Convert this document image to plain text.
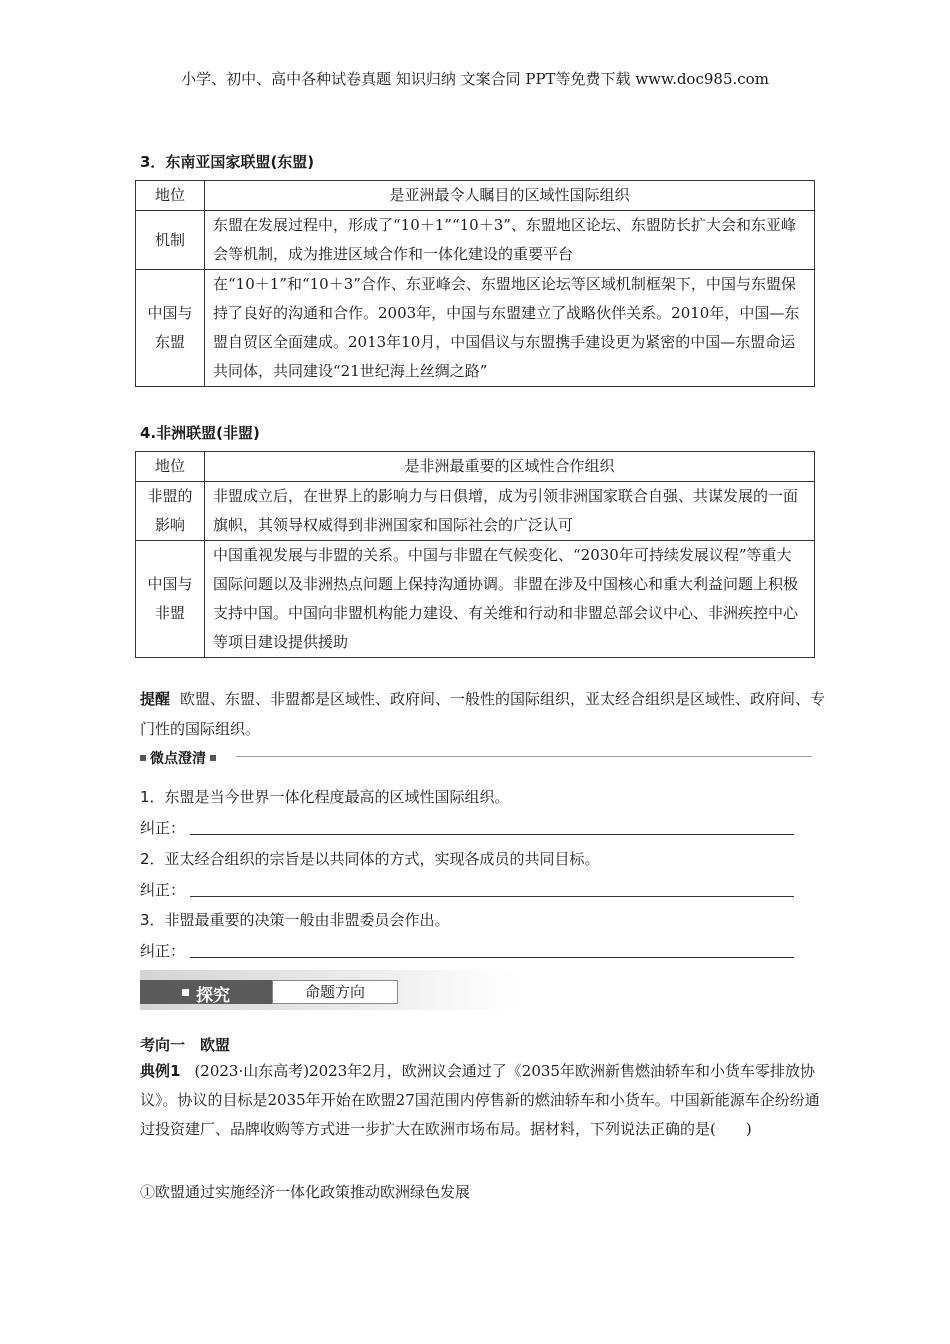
小学、初中、高中各种试卷真题 知识归纳 文案合同 PPT等免费下载 www.doc985.com
3．东南亚国家联盟(东盟)
地位	是亚洲最令人瞩目的区域性国际组织
机制	东盟在发展过程中，形成了“10＋1”“10＋3”、东盟地区论坛、东盟防长扩大会和东亚峰会等机制，成为推进区域合作和一体化建设的重要平台
中国与东盟	在“10＋1”和“10＋3”合作、东亚峰会、东盟地区论坛等区域机制框架下，中国与东盟保持了良好的沟通和合作。2003年，中国与东盟建立了战略伙伴关系。2010年，中国—东盟自贸区全面建成。2013年10月，中国倡议与东盟携手建设更为紧密的中国—东盟命运共同体，共同建设“21世纪海上丝绸之路”
4.非洲联盟(非盟)
地位	是非洲最重要的区域性合作组织
非盟的影响	非盟成立后，在世界上的影响力与日俱增，成为引领非洲国家联合自强、共谋发展的一面旗帜，其领导权威得到非洲国家和国际社会的广泛认可
中国与非盟	中国重视发展与非盟的关系。中国与非盟在气候变化、“2030年可持续发展议程”等重大国际问题以及非洲热点问题上保持沟通协调。非盟在涉及中国核心和重大利益问题上积极支持中国。中国向非盟机构能力建设、有关维和行动和非盟总部会议中心、非洲疾控中心等项目建设提供援助
提醒 欧盟、东盟、非盟都是区域性、政府间、一般性的国际组织，亚太经合组织是区域性、政府间、专门性的国际组织。
微点澄清
1．东盟是当今世界一体化程度最高的区域性国际组织。
纠正：
2．亚太经合组织的宗旨是以共同体的方式，实现各成员的共同目标。
纠正：
3．非盟最重要的决策一般由非盟委员会作出。
纠正：
探究	命题方向
考向一　欧盟
典例1 (2023·山东高考)2023年2月，欧洲议会通过了《2035年欧洲新售燃油轿车和小货车零排放协议》。协议的目标是2035年开始在欧盟27国范围内停售新的燃油轿车和小货车。中国新能源车企纷纷通过投资建厂、品牌收购等方式进一步扩大在欧洲市场布局。据材料，下列说法正确的是(　　)
①欧盟通过实施经济一体化政策推动欧洲绿色发展
